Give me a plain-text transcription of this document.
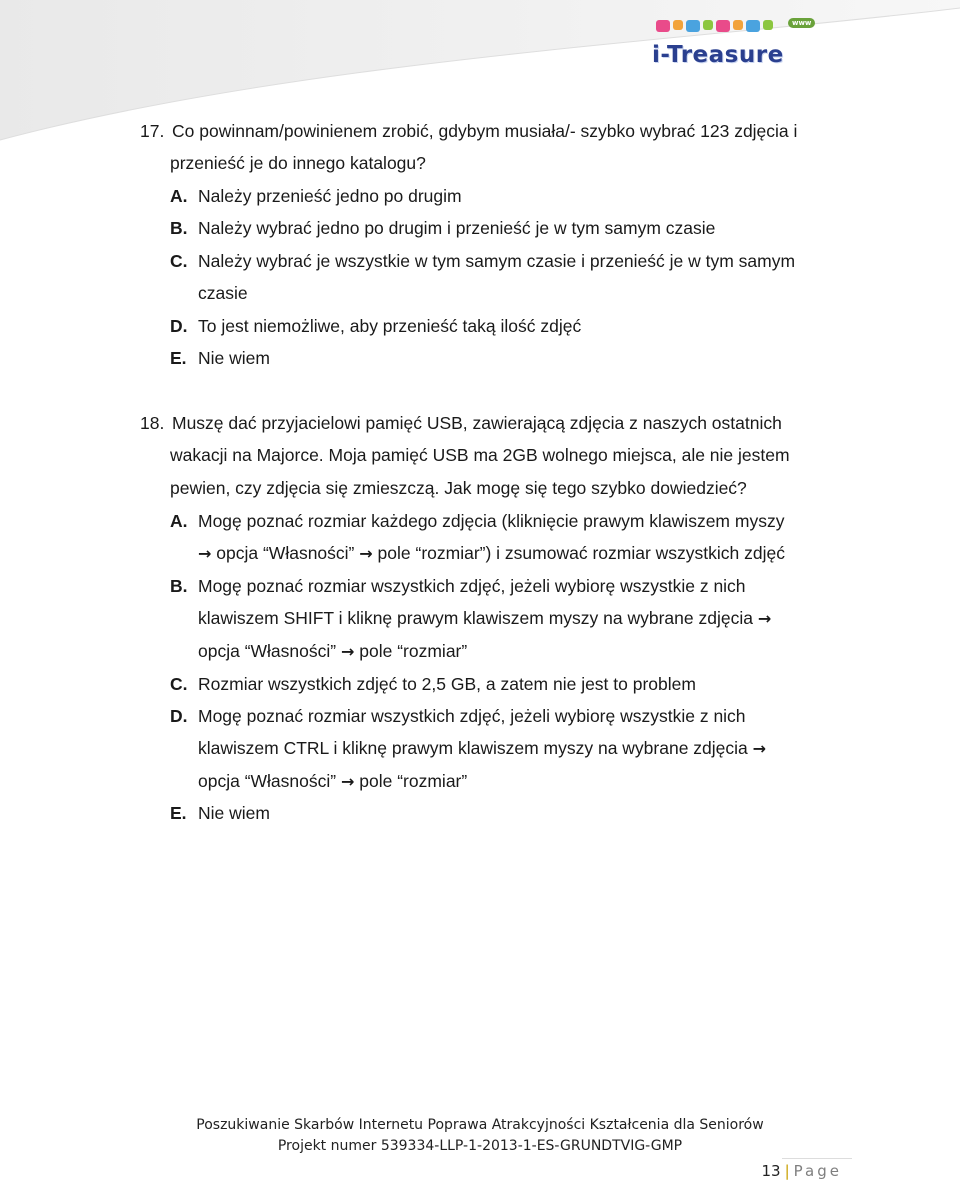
www
i-Treasure
17. Co powinnam/powinienem zrobić, gdybym musiała/- szybko wybrać 123 zdjęcia i
przenieść je do innego katalogu?
A. Należy przenieść jedno po drugim
B. Należy wybrać jedno po drugim i przenieść je w tym samym czasie
C. Należy wybrać je wszystkie w tym samym czasie i przenieść je w tym samym
czasie
D. To jest niemożliwe, aby przenieść taką ilość zdjęć
E. Nie wiem
18. Muszę dać przyjacielowi pamięć USB, zawierającą zdjęcia z naszych ostatnich
wakacji na Majorce. Moja pamięć USB ma 2GB wolnego miejsca, ale nie jestem
pewien, czy zdjęcia się zmieszczą. Jak mogę się tego szybko dowiedzieć?
A. Mogę poznać rozmiar każdego zdjęcia (kliknięcie prawym klawiszem myszy
→ opcja “Własności” → pole “rozmiar”) i zsumować rozmiar wszystkich zdjęć
B. Mogę poznać rozmiar wszystkich zdjęć, jeżeli wybiorę wszystkie z nich
klawiszem SHIFT i kliknę prawym klawiszem myszy na wybrane zdjęcia →
opcja “Własności” → pole “rozmiar”
C. Rozmiar wszystkich zdjęć to 2,5 GB, a zatem nie jest to problem
D. Mogę poznać rozmiar wszystkich zdjęć, jeżeli wybiorę wszystkie z nich
klawiszem CTRL i kliknę prawym klawiszem myszy na wybrane zdjęcia →
opcja “Własności” → pole “rozmiar”
E. Nie wiem
Poszukiwanie Skarbów Internetu Poprawa Atrakcyjności Kształcenia dla Seniorów
Projekt numer 539334-LLP-1-2013-1-ES-GRUNDTVIG-GMP
13 | Page
